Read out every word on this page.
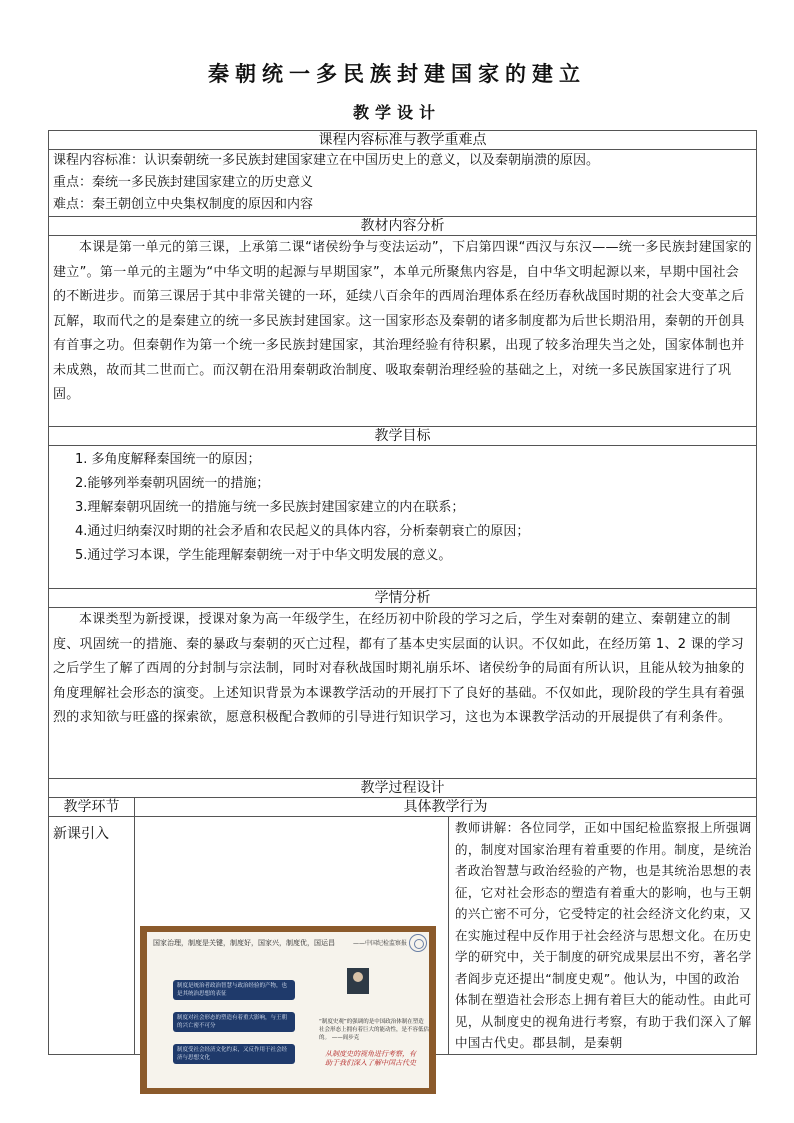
秦朝统一多民族封建国家的建立
教学设计
课程内容标准与教学重难点		

课程内容标准：认识秦朝统一多民族封建国家建立在中国历史上的意义，以及秦朝崩溃的原因。
重点：秦统一多民族封建国家建立的历史意义
难点：秦王朝创立中央集权制度的原因和内容		

教材内容分析		
本课是第一单元的第三课，上承第二课“诸侯纷争与变法运动”，下启第四课“西汉与东汉——统一多民族封建国家的建立”。第一单元的主题为“中华文明的起源与早期国家”，本单元所聚焦内容是，自中华文明起源以来，早期中国社会的不断进步。而第三课居于其中非常关键的一环，延续八百余年的西周治理体系在经历春秋战国时期的社会大变革之后瓦解，取而代之的是秦建立的统一多民族封建国家。这一国家形态及秦朝的诸多制度都为后世长期沿用，秦朝的开创具有首事之功。但秦朝作为第一个统一多民族封建国家，其治理经验有待积累，出现了较多治理失当之处，国家体制也并未成熟，故而其二世而亡。而汉朝在沿用秦朝政治制度、吸取秦朝治理经验的基础之上，对统一多民族国家进行了巩固。		
教学目标		

1. 多角度解释秦国统一的原因；
2.能够列举秦朝巩固统一的措施；
3.理解秦朝巩固统一的措施与统一多民族封建国家建立的内在联系；
4.通过归纳秦汉时期的社会矛盾和农民起义的具体内容，分析秦朝衰亡的原因；
5.通过学习本课，学生能理解秦朝统一对于中华文明发展的意义。		

学情分析		
本课类型为新授课，授课对象为高一年级学生，在经历初中阶段的学习之后，学生对秦朝的建立、秦朝建立的制度、巩固统一的措施、秦的暴政与秦朝的灭亡过程，都有了基本史实层面的认识。不仅如此，在经历第 1、2 课的学习之后学生了解了西周的分封制与宗法制，同时对春秋战国时期礼崩乐坏、诸侯纷争的局面有所认识，且能从较为抽象的角度理解社会形态的演变。上述知识背景为本课教学活动的开展打下了良好的基础。不仅如此，现阶段的学生具有着强烈的求知欲与旺盛的探索欲，愿意积极配合教师的引导进行知识学习，这也为本课教学活动的开展提供了有利条件。		
教学过程设计		
教学环节	具体教学行为	
新课引入		教师讲解：各位同学，正如中国纪检监察报上所强调的，制度对国家治理有着重要的作用。制度，是统治者政治智慧与政治经验的产物，也是其统治思想的表征，它对社会形态的塑造有着重大的影响，也与王朝的兴亡密不可分，它受特定的社会经济文化约束，又在实施过程中反作用于社会经济与思想文化。在历史学的研究中，关于制度的研究成果层出不穷，著名学者阎步克还提出“制度史观”。他认为，中国的政治体制在塑造社会形态上拥有着巨大的能动性。由此可见，从制度史的视角进行考察，有助于我们深入了解中国古代史。郡县制，是秦朝
国家治理，制度是关键，制度好，国家兴，制度优，国运昌	——中国纪检监察报
制度是统治者政治智慧与政治经验的产物，也是其统治思想的表征
制度对社会形态的塑造有着重大影响，与王朝的兴亡密不可分
制度受社会经济文化约束，又反作用于社会经济与思想文化
“制度史观”的强调的是中国政治体制在塑造社会形态上拥有着巨大的能动性，是不容低估的。 ——阎步克
从制度史的视角进行考察，有助于我们深入了解中国古代史
